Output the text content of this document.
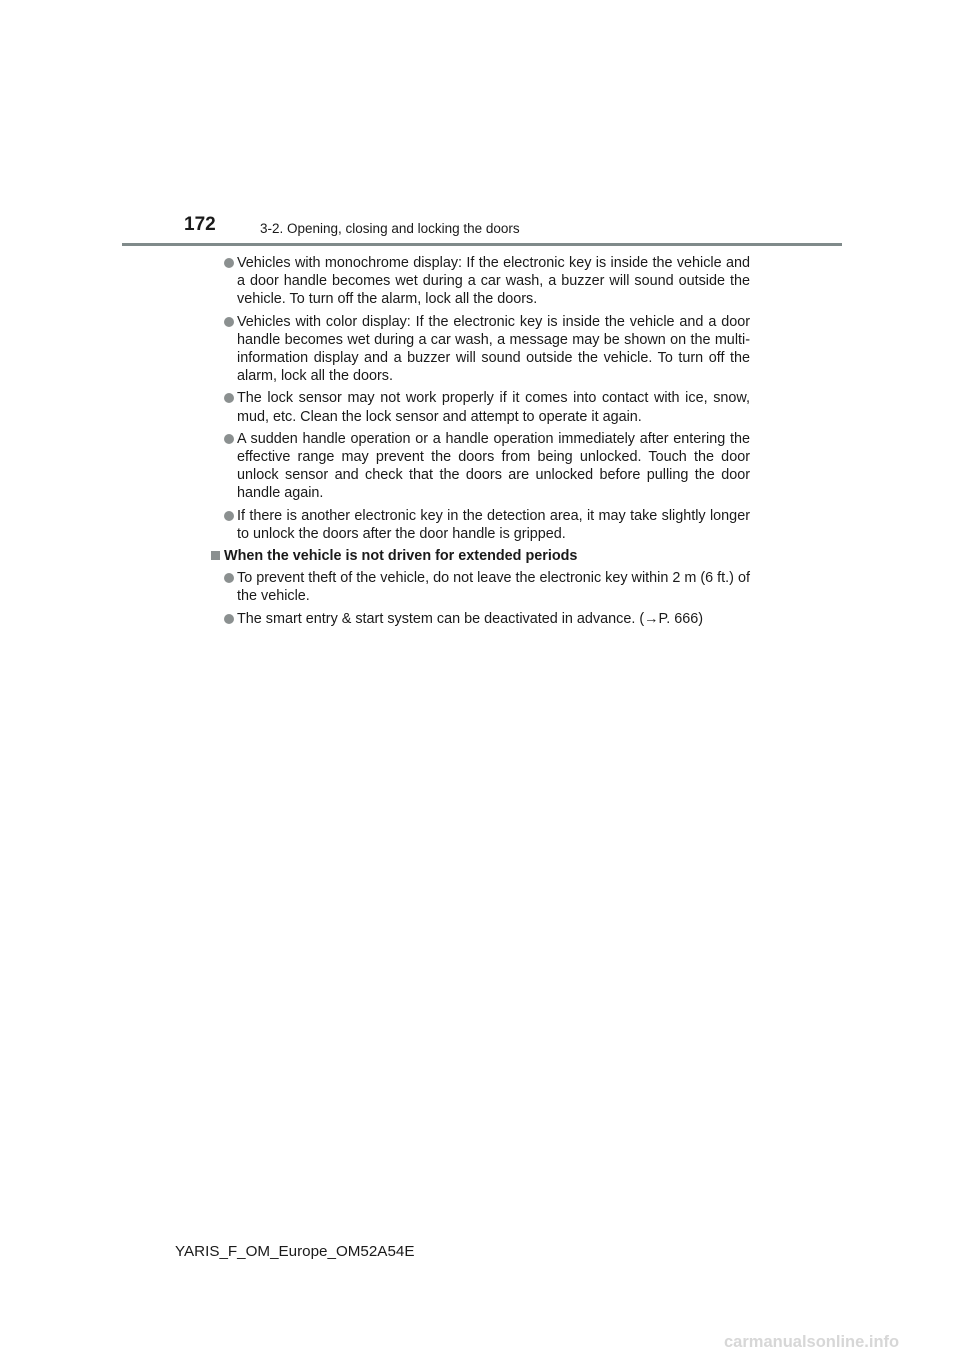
172	3-2. Opening, closing and locking the doors
Vehicles with monochrome display: If the electronic key is inside the vehicle and a door handle becomes wet during a car wash, a buzzer will sound outside the vehicle. To turn off the alarm, lock all the doors.
Vehicles with color display: If the electronic key is inside the vehicle and a door handle becomes wet during a car wash, a message may be shown on the multi-information display and a buzzer will sound outside the vehicle. To turn off the alarm, lock all the doors.
The lock sensor may not work properly if it comes into contact with ice, snow, mud, etc. Clean the lock sensor and attempt to operate it again.
A sudden handle operation or a handle operation immediately after entering the effective range may prevent the doors from being unlocked. Touch the door unlock sensor and check that the doors are unlocked before pulling the door handle again.
If there is another electronic key in the detection area, it may take slightly longer to unlock the doors after the door handle is gripped.
When the vehicle is not driven for extended periods
To prevent theft of the vehicle, do not leave the electronic key within 2 m (6 ft.) of the vehicle.
The smart entry & start system can be deactivated in advance. (→P. 666)
YARIS_F_OM_Europe_OM52A54E
carmanualsonline.info
